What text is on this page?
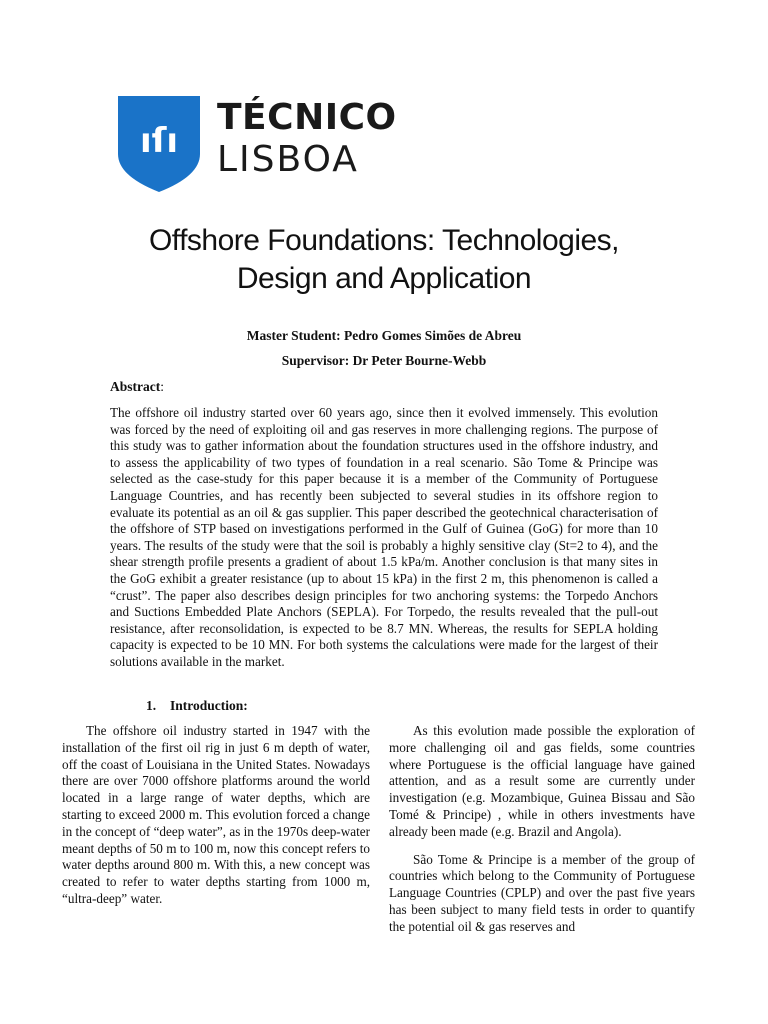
ıſı
TÉCNICO
LISBOA
Offshore Foundations: Technologies,
Design and Application
Master Student: Pedro Gomes Simões de Abreu
Supervisor: Dr Peter Bourne-Webb
Abstract:
The offshore oil industry started over 60 years ago, since then it evolved immensely. This evolution was forced by the need of exploiting oil and gas reserves in more challenging regions. The purpose of this study was to gather information about the foundation structures used in the offshore industry, and to assess the applicability of two types of foundation in a real scenario. São Tome & Principe was selected as the case-study for this paper because it is a member of the Community of Portuguese Language Countries, and has recently been subjected to several studies in its offshore region to evaluate its potential as an oil & gas supplier. This paper described the geotechnical characterisation of the offshore of STP based on investigations performed in the Gulf of Guinea (GoG) for more than 10 years. The results of the study were that the soil is probably a highly sensitive clay (St=2 to 4), and the shear strength profile presents a gradient of about 1.5 kPa/m. Another conclusion is that many sites in the GoG exhibit a greater resistance (up to about 15 kPa) in the first 2 m, this phenomenon is called a “crust”. The paper also describes design principles for two anchoring systems: the Torpedo Anchors and Suctions Embedded Plate Anchors (SEPLA). For Torpedo, the results revealed that the pull-out resistance, after reconsolidation, is expected to be 8.7 MN. Whereas, the results for SEPLA holding capacity is expected to be 10 MN. For both systems the calculations were made for the largest of their solutions available in the market.
1. Introduction:

The offshore oil industry started in 1947 with the installation of the first oil rig in just 6 m depth of water, off the coast of Louisiana in the United States. Nowadays there are over 7000 offshore platforms around the world located in a large range of water depths, which are starting to exceed 2000 m. This evolution forced a change in the concept of “deep water”, as in the 1970s deep-water meant depths of 50 m to 100 m, now this concept refers to water depths around 800 m. With this, a new concept was created to refer to water depths starting from 1000 m, “ultra-deep” water.

As this evolution made possible the exploration of more challenging oil and gas fields, some countries where Portuguese is the official language have gained attention, and as a result some are currently under investigation (e.g. Mozambique, Guinea Bissau and São Tomé & Principe) , while in others investments have already been made (e.g. Brazil and Angola).

São Tome & Principe is a member of the group of countries which belong to the Community of Portuguese Language Countries (CPLP) and over the past five years has been subject to many field tests in order to quantify the potential oil & gas reserves and
